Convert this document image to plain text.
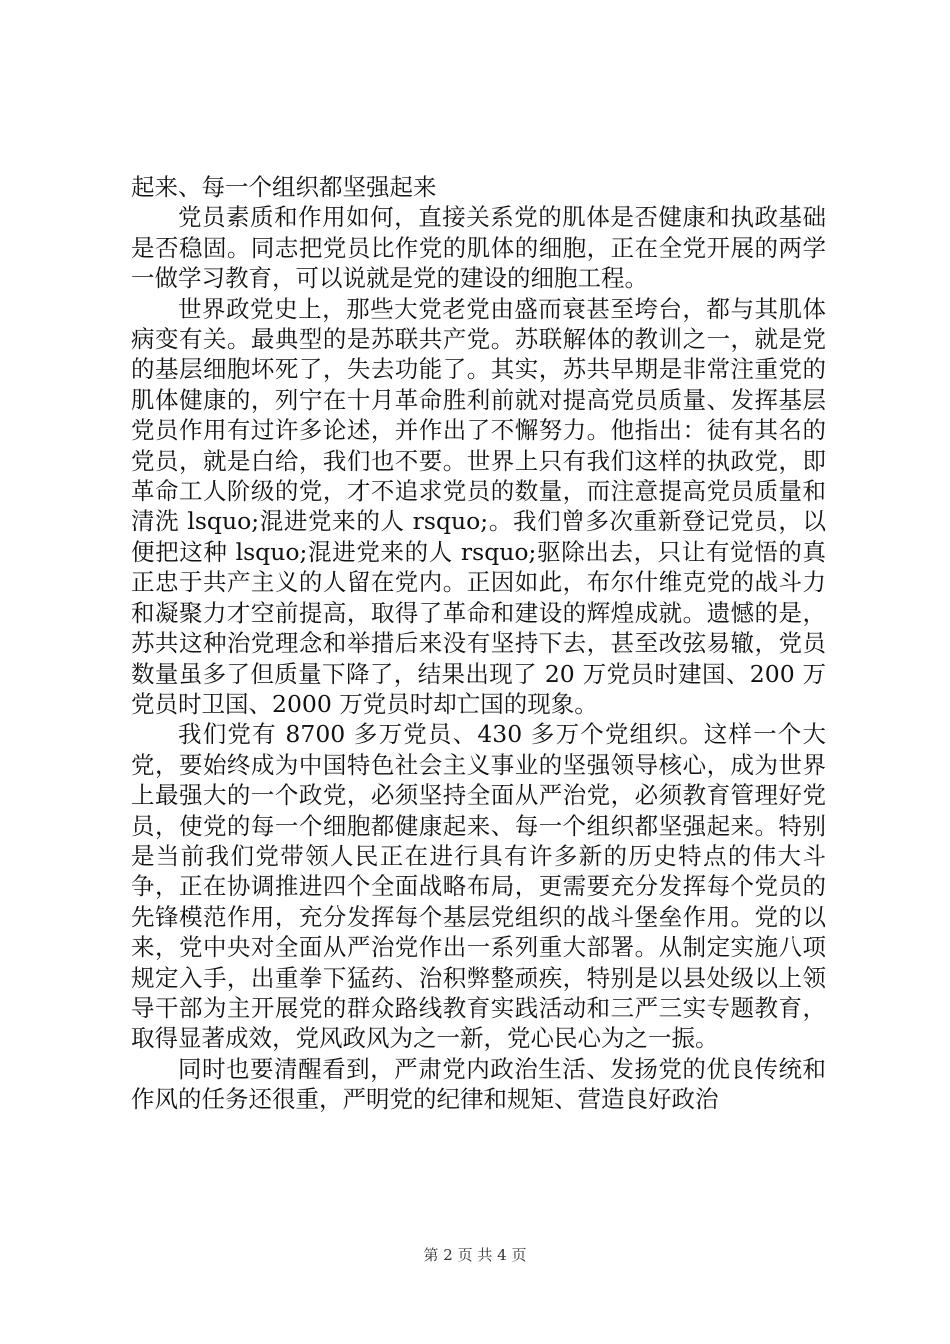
起来、每一个组织都坚强起来

党员素质和作用如何，直接关系党的肌体是否健康和执政基础是否稳固。同志把党员比作党的肌体的细胞，正在全党开展的两学一做学习教育，可以说就是党的建设的细胞工程。

世界政党史上，那些大党老党由盛而衰甚至垮台，都与其肌体病变有关。最典型的是苏联共产党。苏联解体的教训之一，就是党的基层细胞坏死了，失去功能了。其实，苏共早期是非常注重党的肌体健康的，列宁在十月革命胜利前就对提高党员质量、发挥基层党员作用有过许多论述，并作出了不懈努力。他指出：徒有其名的党员，就是白给，我们也不要。世界上只有我们这样的执政党，即革命工人阶级的党，才不追求党员的数量，而注意提高党员质量和清洗 lsquo;混进党来的人 rsquo;。我们曾多次重新登记党员，以便把这种 lsquo;混进党来的人 rsquo;驱除出去，只让有觉悟的真正忠于共产主义的人留在党内。正因如此，布尔什维克党的战斗力和凝聚力才空前提高，取得了革命和建设的辉煌成就。遗憾的是，苏共这种治党理念和举措后来没有坚持下去，甚至改弦易辙，党员数量虽多了但质量下降了，结果出现了 20 万党员时建国、200 万党员时卫国、2000 万党员时却亡国的现象。

我们党有 8700 多万党员、430 多万个党组织。这样一个大党，要始终成为中国特色社会主义事业的坚强领导核心，成为世界上最强大的一个政党，必须坚持全面从严治党，必须教育管理好党员，使党的每一个细胞都健康起来、每一个组织都坚强起来。特别是当前我们党带领人民正在进行具有许多新的历史特点的伟大斗争，正在协调推进四个全面战略布局，更需要充分发挥每个党员的先锋模范作用，充分发挥每个基层党组织的战斗堡垒作用。党的以来，党中央对全面从严治党作出一系列重大部署。从制定实施八项规定入手，出重拳下猛药、治积弊整顽疾，特别是以县处级以上领导干部为主开展党的群众路线教育实践活动和三严三实专题教育，取得显著成效，党风政风为之一新，党心民心为之一振。

同时也要清醒看到，严肃党内政治生活、发扬党的优良传统和作风的任务还很重，严明党的纪律和规矩、营造良好政治

第 2 页 共 4 页
